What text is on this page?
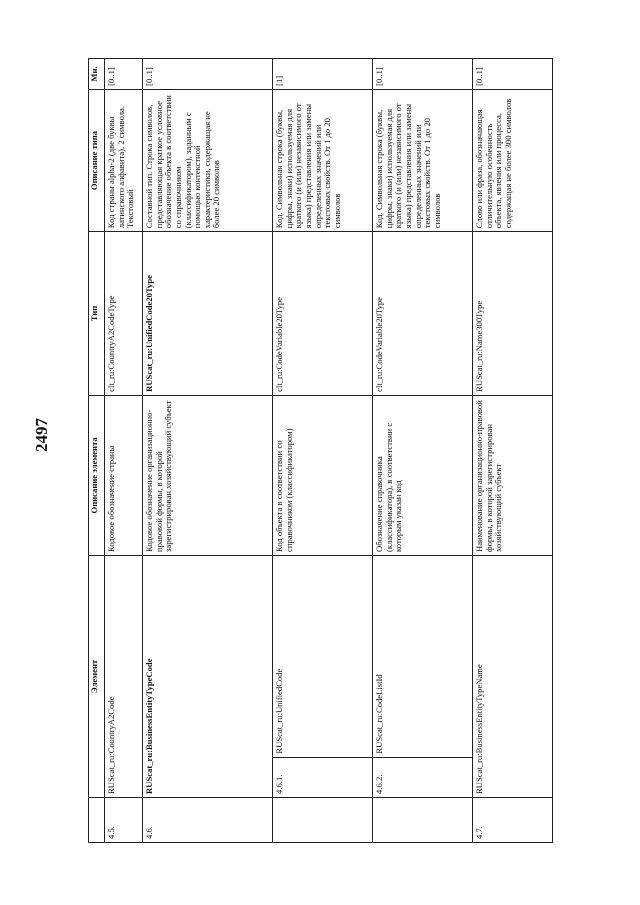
2497
	Элемент		Описание элемента	Тип	Описание типа	Мн.
4.5.	RUScat_ru:CountryA2Code		Кодовое обозначение страны	clt_ru:CountryA2CodeType	Код страны alpha-2 (две буквы латинского алфавита). 2 символа. Текстовый	[0..1]
4.6.	RUScat_ru:BusinessEntityTypeCode		Кодовое обозначение организационно-правовой формы, в которой зарегистрирован хозяйствующий субъект	RUScat_ru:UnifiedCode20Type	Составной тип. Строка символов, представляющая краткое условное обозначение объекта в соответствии со справочником (классификатором), заданным с помощью контекстной характеристики, содержащая не более 20 символов	[0..1]
	4.6.1.	RUScat_ru:UnifiedCode	Код объекта в соответствии со справочником (классификатором)	clt_ru:CodeVariable20Type	Код. Символьная строка (буквы, цифры, знаки) используемая для краткого (и (или) независимого от языка) представления или замены определенных значений или текстовых свойств. От 1 до 20 символов	[1]
	4.6.2.	RUScat_ru:CodeListId	Обозначение справочника (классификатора), в соответствии с которым указан код	clt_ru:CodeVariable20Type	Код. Символьная строка (буквы, цифры, знаки) используемая для краткого (и (или) независимого от языка) представления или замены определенных значений или текстовых свойств. От 1 до 20 символов	[0..1]
4.7.	RUScat_ru:BusinessEntityTypeName		Наименование организационно-правовой формы, в которой зарегистрирован хозяйствующий субъект	RUScat_ru:Name300Type	Слово или фраза, обозначающая отличительную особенность объекта, явления или процесса, содержащая не более 300 символов	[0..1]
